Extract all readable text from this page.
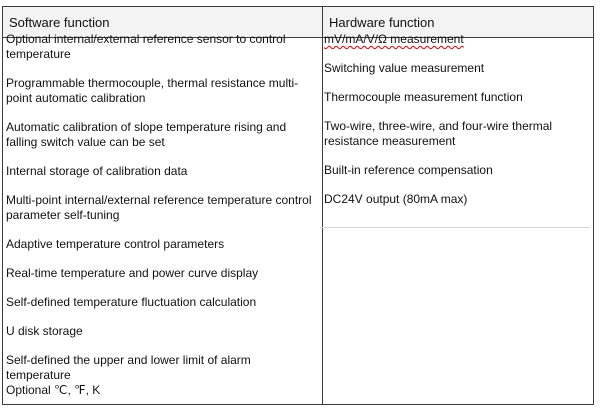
Software function	Hardware function

Optional internal/external reference sensor to control temperature

Programmable thermocouple, thermal resistance multi-point automatic calibration

Automatic calibration of slope temperature rising and falling switch value can be set

Internal storage of calibration data

Multi-point internal/external reference temperature control parameter self-tuning

Adaptive temperature control parameters

Real-time temperature and power curve display

Self-defined temperature fluctuation calculation

U disk storage

Self-defined the upper and lower limit of alarm temperature

Optional ℃, ℉, K

mV/mA/V/Ω measurement

Switching value measurement

Thermocouple measurement function

Two-wire, three-wire, and four-wire thermal resistance measurement

Built-in reference compensation

DC24V output (80mA max)
